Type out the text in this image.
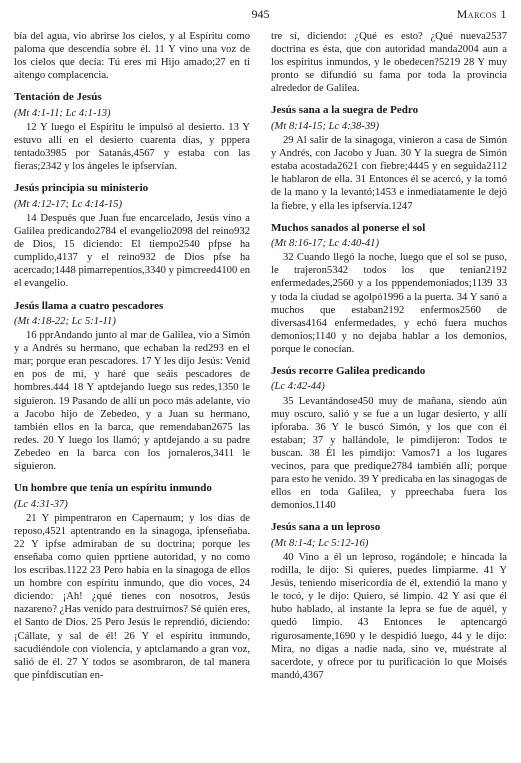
945	Marcos 1

bía del agua, vio abrirse los cielos, y al Espíritu como paloma que descendía sobre él. 11 Y vino una voz de los cielos que decía: Tú eres mi Hijo amado;27 en ti aitengo complacencia.

Tentación de Jesús
(Mt 4:1-11; Lc 4:1-13)

12 Y luego el Espíritu le impulsó al desierto. 13 Y estuvo allí en el desierto cuarenta días, y pppera tentado3985 por Satanás,4567 y estaba con las fieras;2342 y los ángeles le ipfservían.

Jesús principia su ministerio
(Mt 4:12-17; Lc 4:14-15)

14 Después que Juan fue encarcelado, Jesús vino a Galilea predicando2784 el evangelio2098 del reino932 de Dios, 15 diciendo: El tiempo2540 pfpse ha cumplido,4137 y el reino932 de Dios pfse ha acercado;1448 pimarrepentíos,3340 y pimcreed4100 en el evangelio.

Jesús llama a cuatro pescadores
(Mt 4:18-22; Lc 5:1-11)

16 pprAndando junto al mar de Galilea, vio a Simón y a Andrés su hermano, que echaban la red293 en el mar; porque eran pescadores. 17 Y les dijo Jesús: Venid en pos de mí, y haré que seáis pescadores de hombres.444 18 Y aptdejando luego sus redes,1350 le siguieron. 19 Pasando de allí un poco más adelante, vio a Jacobo hijo de Zebedeo, y a Juan su hermano, también ellos en la barca, que remendaban2675 las redes. 20 Y luego los llamó; y aptdejando a su padre Zebedeo en la barca con los jornaleros,3411 le siguieron.

Un hombre que tenía un espíritu inmundo
(Lc 4:31-37)

21 Y pimpentraron en Capernaum; y los días de reposo,4521 aptentrando en la sinagoga, ipfenseñaba. 22 Y ipfse admiraban de su doctrina; porque les enseñaba como quien pprtiene autoridad, y no como los escribas.1122 23 Pero había en la sinagoga de ellos un hombre con espíritu inmundo, que dio voces, 24 diciendo: ¡Ah! ¿qué tienes con nosotros, Jesús nazareno? ¿Has venido para destruirnos? Sé quién eres, el Santo de Dios. 25 Pero Jesús le reprendió, diciendo: ¡Cállate, y sal de él! 26 Y el espíritu inmundo, sacudiéndole con violencia, y aptclamando a gran voz, salió de él. 27 Y todos se asombraron, de tal manera que pinfdiscutían en-

tre sí, diciendo: ¿Qué es esto? ¿Qué nueva2537 doctrina es ésta, que con autoridad manda2004 aun a los espíritus inmundos, y le obedecen?5219 28 Y muy pronto se difundió su fama por toda la provincia alrededor de Galilea.

Jesús sana a la suegra de Pedro
(Mt 8:14-15; Lc 4:38-39)

29 Al salir de la sinagoga, vinieron a casa de Simón y Andrés, con Jacobo y Juan. 30 Y la suegra de Simón estaba acostada2621 con fiebre;4445 y en seguida2112 le hablaron de ella. 31 Entonces él se acercó, y la tomó de la mano y la levantó;1453 e inmediatamente le dejó la fiebre, y ella les ipfservía.1247

Muchos sanados al ponerse el sol
(Mt 8:16-17; Lc 4:40-41)

32 Cuando llegó la noche, luego que el sol se puso, le trajeron5342 todos los que tenían2192 enfermedades,2560 y a los pppendemoniados;1139 33 y toda la ciudad se agolpó1996 a la puerta. 34 Y sanó a muchos que estaban2192 enfermos2560 de diversas4164 enfermedades, y echó fuera muchos demonios;1140 y no dejaba hablar a los demonios, porque le conocían.

Jesús recorre Galilea predicando
(Lc 4:42-44)

35 Levantándose450 muy de mañana, siendo aún muy oscuro, salió y se fue a un lugar desierto, y allí ipforaba. 36 Y le buscó Simón, y los que con él estaban; 37 y hallándole, le pimdijeron: Todos te buscan. 38 Él les pimdijo: Vamos71 a los lugares vecinos, para que predique2784 también allí; porque para esto he venido. 39 Y predicaba en las sinagogas de ellos en toda Galilea, y ppreechaba fuera los demonios.1140

Jesús sana a un leproso
(Mt 8:1-4; Lc 5:12-16)

40 Vino a él un leproso, rogándole; e hincada la rodilla, le dijo: Si quieres, puedes limpiarme. 41 Y Jesús, teniendo misericordia de él, extendió la mano y le tocó, y le dijo: Quiero, sé limpio. 42 Y así que él hubo hablado, al instante la lepra se fue de aquél, y quedó limpio. 43 Entonces le aptencargó rigurosamente,1690 y le despidió luego, 44 y le dijo: Mira, no digas a nadie nada, sino ve, muéstrate al sacerdote, y ofrece por tu purificación lo que Moisés mandó,4367
